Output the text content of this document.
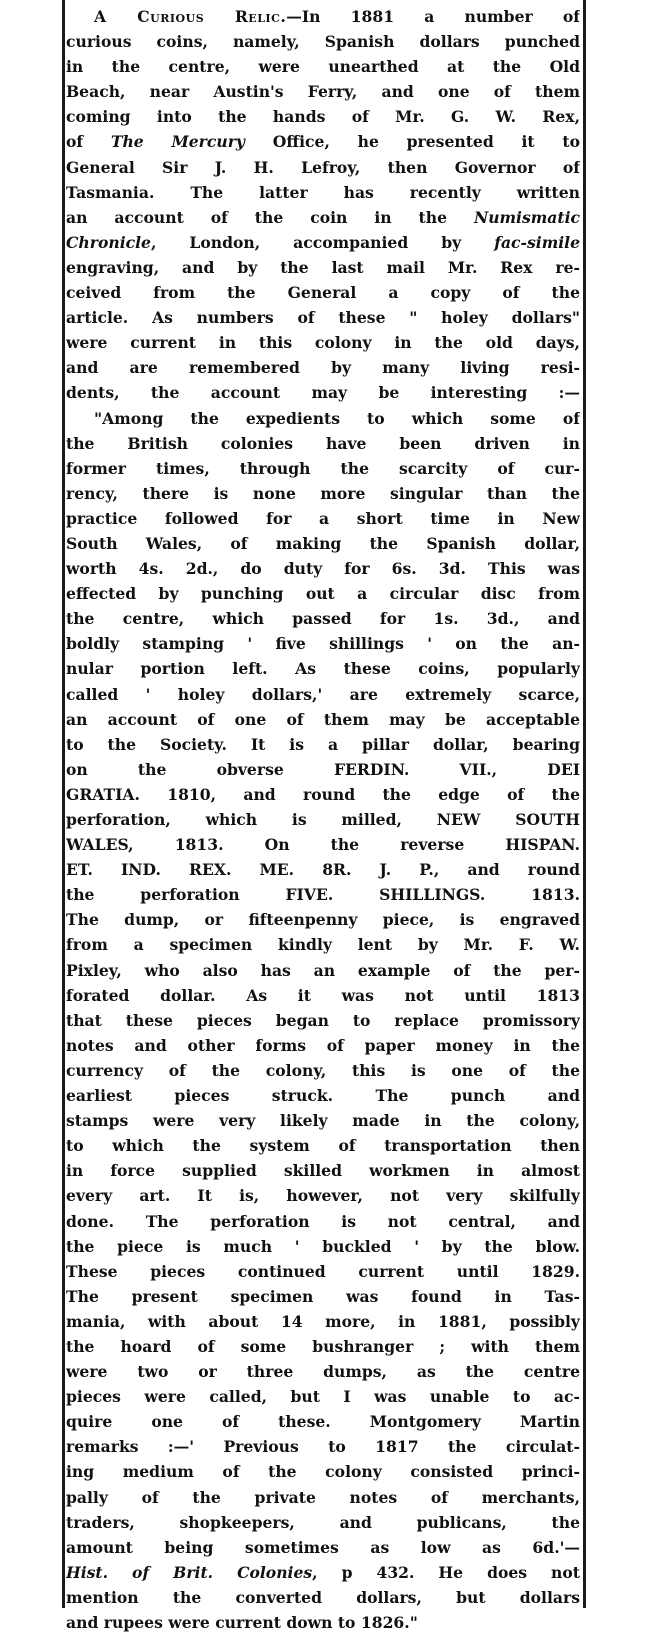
A Curious Relic.—In 1881 a number of
curious coins, namely, Spanish dollars punched
in the centre, were unearthed at the Old
Beach, near Austin's Ferry, and one of them
coming into the hands of Mr. G. W. Rex,
of The Mercury Office, he presented it to
General Sir J. H. Lefroy, then Governor of
Tasmania. The latter has recently written
an account of the coin in the Numismatic
Chronicle, London, accompanied by fac-simile
engraving, and by the last mail Mr. Rex re-
ceived from the General a copy of the
article. As numbers of these " holey dollars"
were current in this colony in the old days,
and are remembered by many living resi-
dents, the account may be interesting :—
"Among the expedients to which some of
the British colonies have been driven in
former times, through the scarcity of cur-
rency, there is none more singular than the
practice followed for a short time in New
South Wales, of making the Spanish dollar,
worth 4s. 2d., do duty for 6s. 3d. This was
effected by punching out a circular disc from
the centre, which passed for 1s. 3d., and
boldly stamping ' five shillings ' on the an-
nular portion left. As these coins, popularly
called ' holey dollars,' are extremely scarce,
an account of one of them may be acceptable
to the Society. It is a pillar dollar, bearing
on the obverse FERDIN. VII., DEI
GRATIA. 1810, and round the edge of the
perforation, which is milled, NEW SOUTH
WALES, 1813. On the reverse HISPAN.
ET. IND. REX. ME. 8R. J. P., and round
the perforation FIVE. SHILLINGS. 1813.
The dump, or fifteenpenny piece, is engraved
from a specimen kindly lent by Mr. F. W.
Pixley, who also has an example of the per-
forated dollar. As it was not until 1813
that these pieces began to replace promissory
notes and other forms of paper money in the
currency of the colony, this is one of the
earliest pieces struck. The punch and
stamps were very likely made in the colony,
to which the system of transportation then
in force supplied skilled workmen in almost
every art. It is, however, not very skilfully
done. The perforation is not central, and
the piece is much ' buckled ' by the blow.
These pieces continued current until 1829.
The present specimen was found in Tas-
mania, with about 14 more, in 1881, possibly
the hoard of some bushranger ; with them
were two or three dumps, as the centre
pieces were called, but I was unable to ac-
quire one of these. Montgomery Martin
remarks :—' Previous to 1817 the circulat-
ing medium of the colony consisted princi-
pally of the private notes of merchants,
traders, shopkeepers, and publicans, the
amount being sometimes as low as 6d.'—
Hist. of Brit. Colonies, p 432. He does not
mention the converted dollars, but dollars
and rupees were current down to 1826."
